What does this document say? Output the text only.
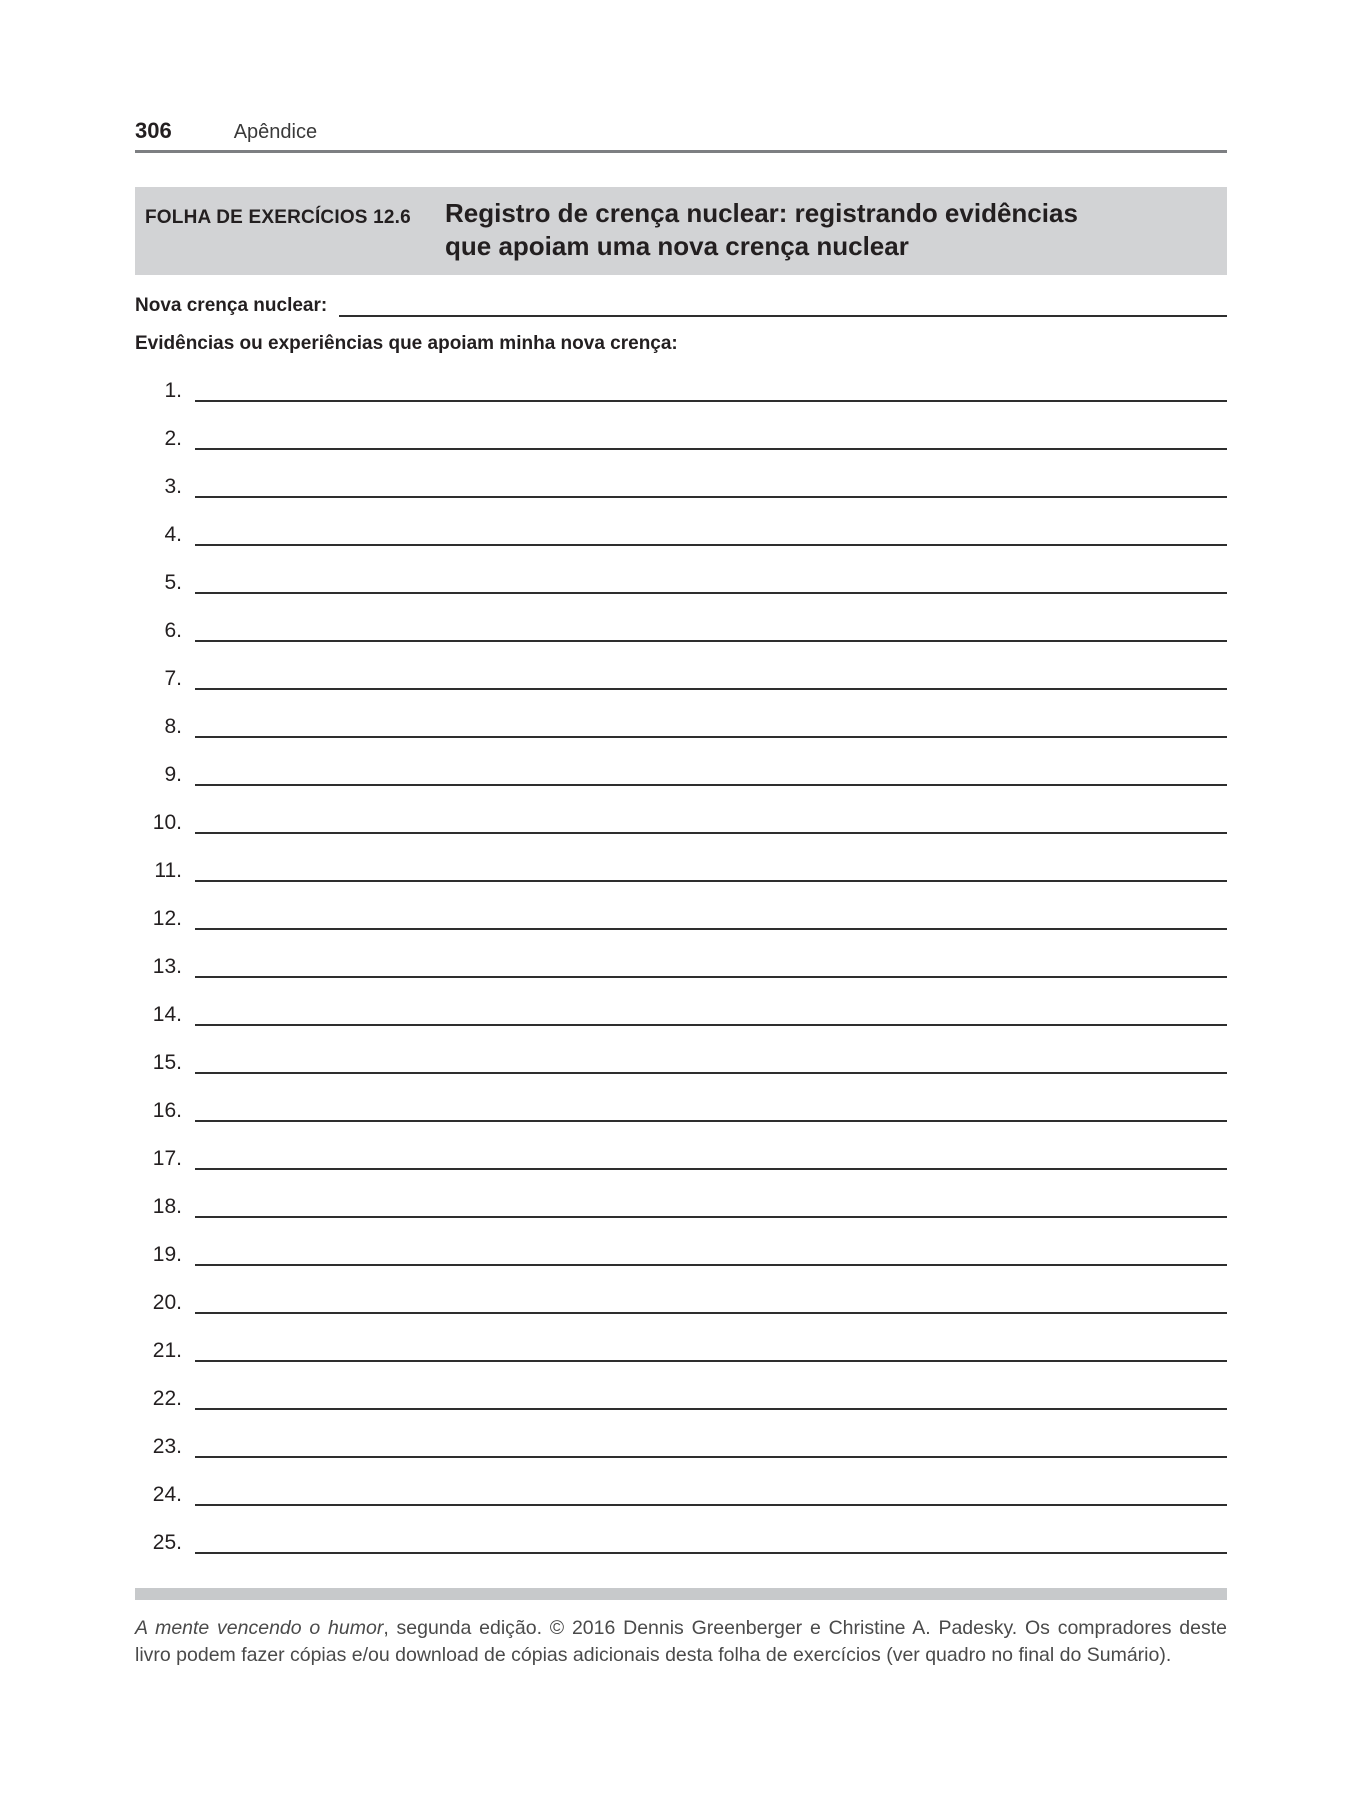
306	Apêndice
FOLHA DE EXERCÍCIOS 12.6	Registro de crença nuclear: registrando evidências
que apoiam uma nova crença nuclear
Nova crença nuclear:
Evidências ou experiências que apoiam minha nova crença:
1.
2.
3.
4.
5.
6.
7.
8.
9.
10.
11.
12.
13.
14.
15.
16.
17.
18.
19.
20.
21.
22.
23.
24.
25.
A mente vencendo o humor, segunda edição. © 2016 Dennis Greenberger e Christine A. Padesky. Os compradores deste livro podem fazer cópias e/ou download de cópias adicionais desta folha de exercícios (ver quadro no final do Sumário).
